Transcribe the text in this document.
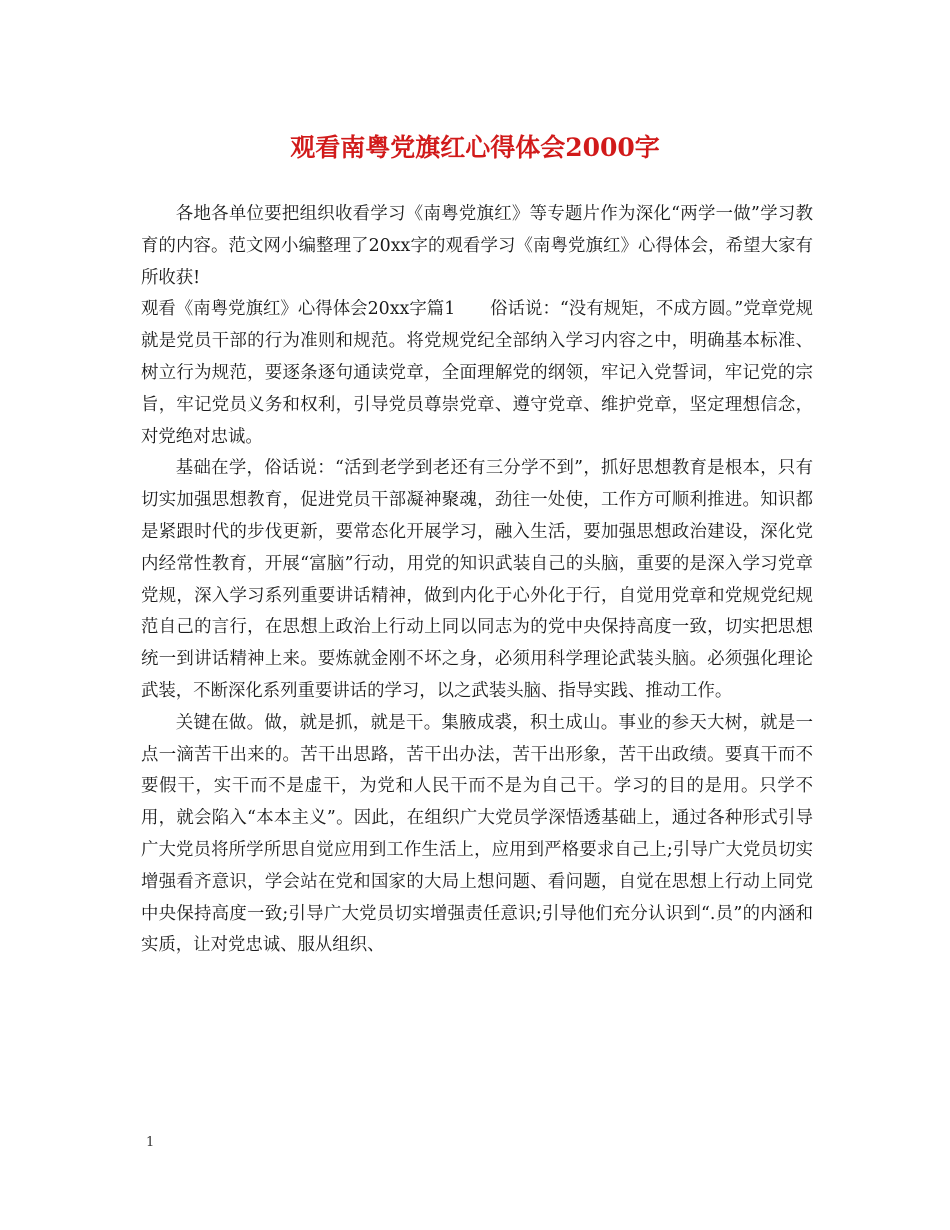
观看南粤党旗红心得体会2000字

各地各单位要把组织收看学习《南粤党旗红》等专题片作为深化“两学一做”学习教育的内容。范文网小编整理了20xx字的观看学习《南粤党旗红》心得体会，希望大家有所收获!

观看《南粤党旗红》心得体会20xx字篇1　　俗话说：“没有规矩，不成方圆。”党章党规就是党员干部的行为准则和规范。将党规党纪全部纳入学习内容之中，明确基本标准、树立行为规范，要逐条逐句通读党章，全面理解党的纲领，牢记入党誓词，牢记党的宗旨，牢记党员义务和权利，引导党员尊崇党章、遵守党章、维护党章，坚定理想信念，对党绝对忠诚。

基础在学，俗话说：“活到老学到老还有三分学不到”，抓好思想教育是根本，只有切实加强思想教育，促进党员干部凝神聚魂，劲往一处使，工作方可顺利推进。知识都是紧跟时代的步伐更新，要常态化开展学习，融入生活，要加强思想政治建设，深化党内经常性教育，开展“富脑”行动，用党的知识武装自己的头脑，重要的是深入学习党章党规，深入学习系列重要讲话精神，做到内化于心外化于行，自觉用党章和党规党纪规范自己的言行，在思想上政治上行动上同以同志为的党中央保持高度一致，切实把思想统一到讲话精神上来。要炼就金刚不坏之身，必须用科学理论武装头脑。必须强化理论武装，不断深化系列重要讲话的学习，以之武装头脑、指导实践、推动工作。

关键在做。做，就是抓，就是干。集腋成裘，积土成山。事业的参天大树，就是一点一滴苦干出来的。苦干出思路，苦干出办法，苦干出形象，苦干出政绩。要真干而不要假干，实干而不是虚干，为党和人民干而不是为自己干。学习的目的是用。只学不用，就会陷入“本本主义”。因此，在组织广大党员学深悟透基础上，通过各种形式引导广大党员将所学所思自觉应用到工作生活上，应用到严格要求自己上;引导广大党员切实增强看齐意识，学会站在党和国家的大局上想问题、看问题，自觉在思想上行动上同党中央保持高度一致;引导广大党员切实增强责任意识;引导他们充分认识到“.员”的内涵和实质，让对党忠诚、服从组织、

1
